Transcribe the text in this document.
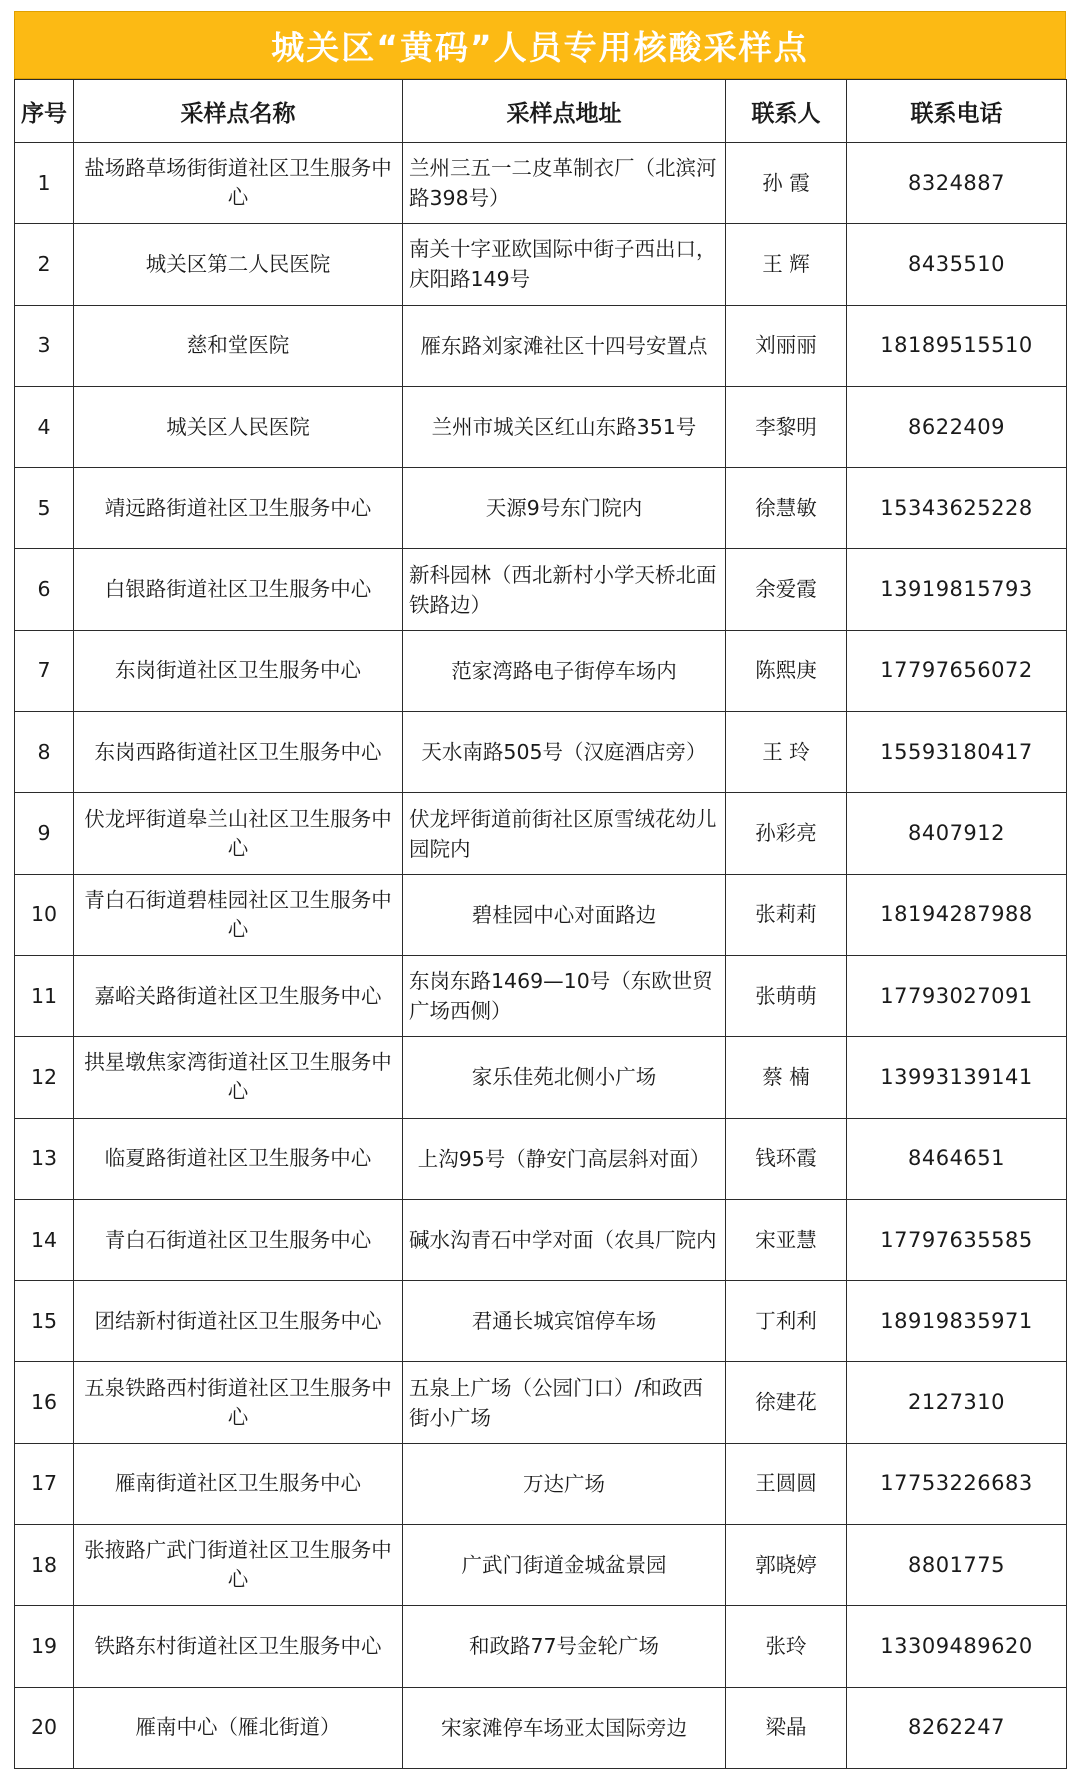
城关区“黄码”人员专用核酸采样点
序号	采样点名称	采样点地址	联系人	联系电话
1	盐场路草场街街道社区卫生服务中心	兰州三五一二皮革制衣厂（北滨河路398号）	孙 霞	8324887
2	城关区第二人民医院	南关十字亚欧国际中街子西出口，庆阳路149号	王 辉	8435510
3	慈和堂医院	雁东路刘家滩社区十四号安置点	刘丽丽	18189515510
4	城关区人民医院	兰州市城关区红山东路351号	李黎明	8622409
5	靖远路街道社区卫生服务中心	天源9号东门院内	徐慧敏	15343625228
6	白银路街道社区卫生服务中心	新科园林（西北新村小学天桥北面铁路边）	余爱霞	13919815793
7	东岗街道社区卫生服务中心	范家湾路电子街停车场内	陈熙庚	17797656072
8	东岗西路街道社区卫生服务中心	天水南路505号（汉庭酒店旁）	王 玲	15593180417
9	伏龙坪街道皋兰山社区卫生服务中心	伏龙坪街道前街社区原雪绒花幼儿园院内	孙彩亮	8407912
10	青白石街道碧桂园社区卫生服务中心	碧桂园中心对面路边	张莉莉	18194287988
11	嘉峪关路街道社区卫生服务中心	东岗东路1469—10号（东欧世贸广场西侧）	张萌萌	17793027091
12	拱星墩焦家湾街道社区卫生服务中心	家乐佳苑北侧小广场	蔡 楠	13993139141
13	临夏路街道社区卫生服务中心	上沟95号（静安门高层斜对面）	钱环霞	8464651
14	青白石街道社区卫生服务中心	碱水沟青石中学对面（农具厂院内	宋亚慧	17797635585
15	团结新村街道社区卫生服务中心	君通长城宾馆停车场	丁利利	18919835971
16	五泉铁路西村街道社区卫生服务中心	五泉上广场（公园门口）/和政西街小广场	徐建花	2127310
17	雁南街道社区卫生服务中心	万达广场	王圆圆	17753226683
18	张掖路广武门街道社区卫生服务中心	广武门街道金城盆景园	郭晓婷	8801775
19	铁路东村街道社区卫生服务中心	和政路77号金轮广场	张玲	13309489620
20	雁南中心（雁北街道）	宋家滩停车场亚太国际旁边	梁晶	8262247
